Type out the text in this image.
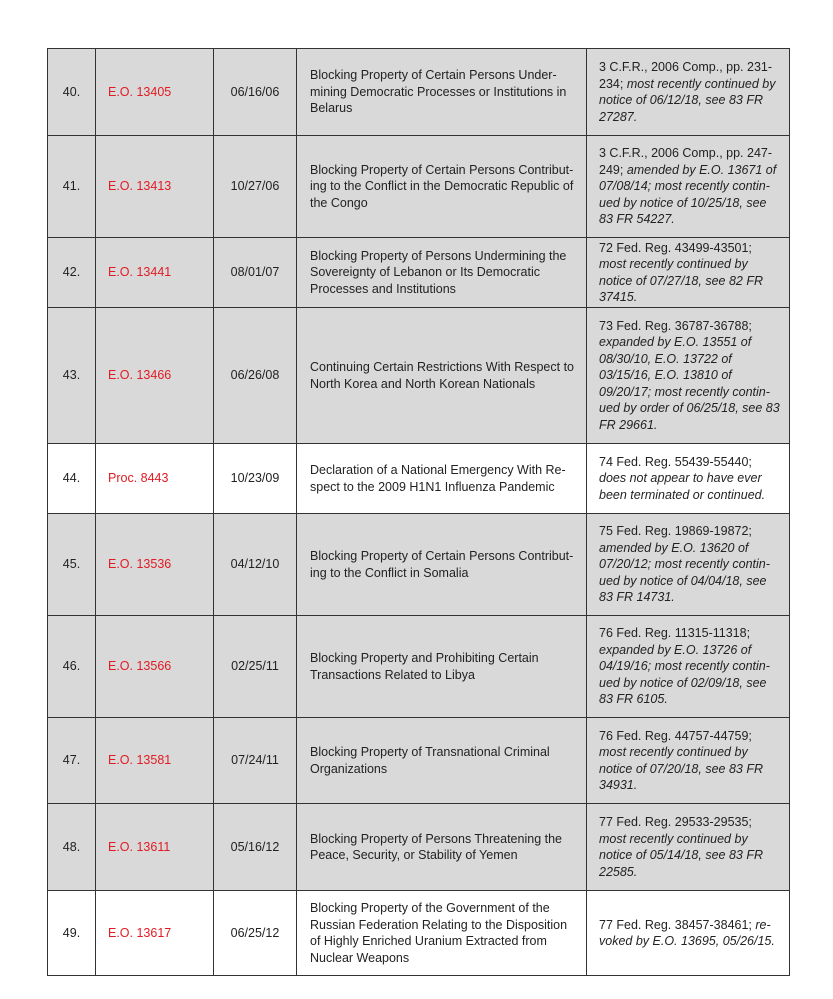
40.	E.O. 13405	06/16/06	Blocking Property of Certain Persons Under-mining Democratic Processes or Institutions in Belarus	3 C.F.R., 2006 Comp., pp. 231-234; most recently continued by notice of 06/12/18, see 83 FR 27287.
41.	E.O. 13413	10/27/06	Blocking Property of Certain Persons Contribut-ing to the Conflict in the Democratic Republic of the Congo	3 C.F.R., 2006 Comp., pp. 247-249; amended by E.O. 13671 of 07/08/14; most recently contin-ued by notice of 10/25/18, see 83 FR 54227.
42.	E.O. 13441	08/01/07	Blocking Property of Persons Undermining the Sovereignty of Lebanon or Its Democratic Processes and Institutions	72 Fed. Reg. 43499-43501; most recently continued by notice of 07/27/18, see 82 FR 37415.
43.	E.O. 13466	06/26/08	Continuing Certain Restrictions With Respect to North Korea and North Korean Nationals	73 Fed. Reg. 36787-36788; expanded by E.O. 13551 of 08/30/10, E.O. 13722 of 03/15/16, E.O. 13810 of 09/20/17; most recently contin-ued by order of 06/25/18, see 83 FR 29661.
44.	Proc. 8443	10/23/09	Declaration of a National Emergency With Re-spect to the 2009 H1N1 Influenza Pandemic	74 Fed. Reg. 55439-55440; does not appear to have ever been terminated or continued.
45.	E.O. 13536	04/12/10	Blocking Property of Certain Persons Contribut-ing to the Conflict in Somalia	75 Fed. Reg. 19869-19872; amended by E.O. 13620 of 07/20/12; most recently contin-ued by notice of 04/04/18, see 83 FR 14731.
46.	E.O. 13566	02/25/11	Blocking Property and Prohibiting Certain Transactions Related to Libya	76 Fed. Reg. 11315-11318; expanded by E.O. 13726 of 04/19/16; most recently contin-ued by notice of 02/09/18, see 83 FR 6105.
47.	E.O. 13581	07/24/11	Blocking Property of Transnational Criminal Organizations	76 Fed. Reg. 44757-44759; most recently continued by notice of 07/20/18, see 83 FR 34931.
48.	E.O. 13611	05/16/12	Blocking Property of Persons Threatening the Peace, Security, or Stability of Yemen	77 Fed. Reg. 29533-29535; most recently continued by notice of 05/14/18, see 83 FR 22585.
49.	E.O. 13617	06/25/12	Blocking Property of the Government of the Russian Federation Relating to the Disposition of Highly Enriched Uranium Extracted from Nuclear Weapons	77 Fed. Reg. 38457-38461; re-voked by E.O. 13695, 05/26/15.
